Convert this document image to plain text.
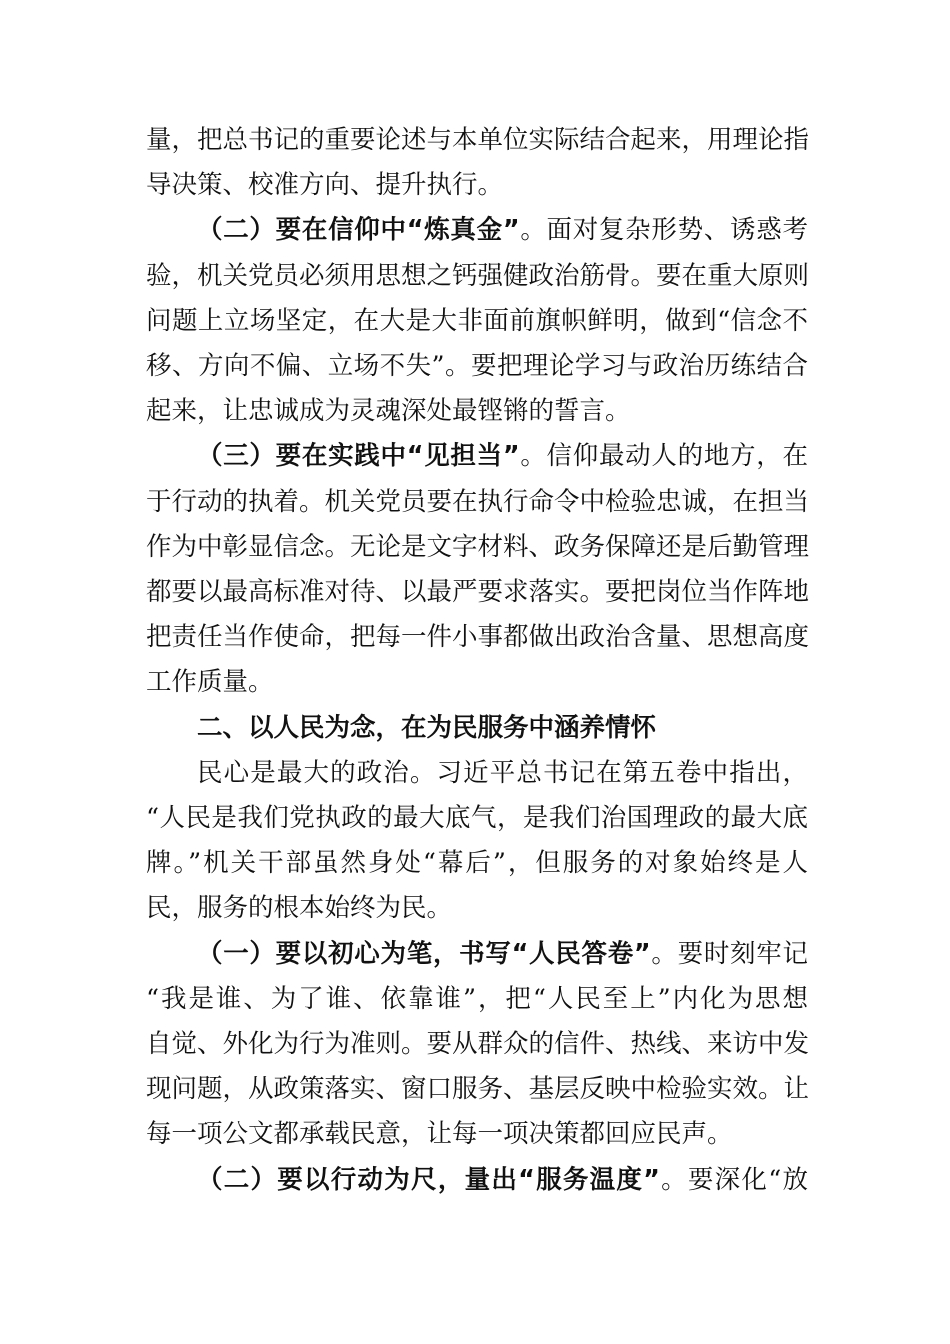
量，把总书记的重要论述与本单位实际结合起来，用理论指
导决策、校准方向、提升执行。

（二）要在信仰中“炼真金”。面对复杂形势、诱惑考
验，机关党员必须用思想之钙强健政治筋骨。要在重大原则
问题上立场坚定，在大是大非面前旗帜鲜明，做到“信念不
移、方向不偏、立场不失”。要把理论学习与政治历练结合
起来，让忠诚成为灵魂深处最铿锵的誓言。

（三）要在实践中“见担当”。信仰最动人的地方，在
于行动的执着。机关党员要在执行命令中检验忠诚，在担当
作为中彰显信念。无论是文字材料、政务保障还是后勤管理
都要以最高标准对待、以最严要求落实。要把岗位当作阵地
把责任当作使命，把每一件小事都做出政治含量、思想高度
工作质量。

二、以人民为念，在为民服务中涵养情怀

民心是最大的政治。习近平总书记在第五卷中指出，
“人民是我们党执政的最大底气，是我们治国理政的最大底
牌。”机关干部虽然身处“幕后”，但服务的对象始终是人
民，服务的根本始终为民。

（一）要以初心为笔，书写“人民答卷”。要时刻牢记
“我是谁、为了谁、依靠谁”，把“人民至上”内化为思想
自觉、外化为行为准则。要从群众的信件、热线、来访中发
现问题，从政策落实、窗口服务、基层反映中检验实效。让
每一项公文都承载民意，让每一项决策都回应民声。

（二）要以行动为尺，量出“服务温度”。要深化“放
